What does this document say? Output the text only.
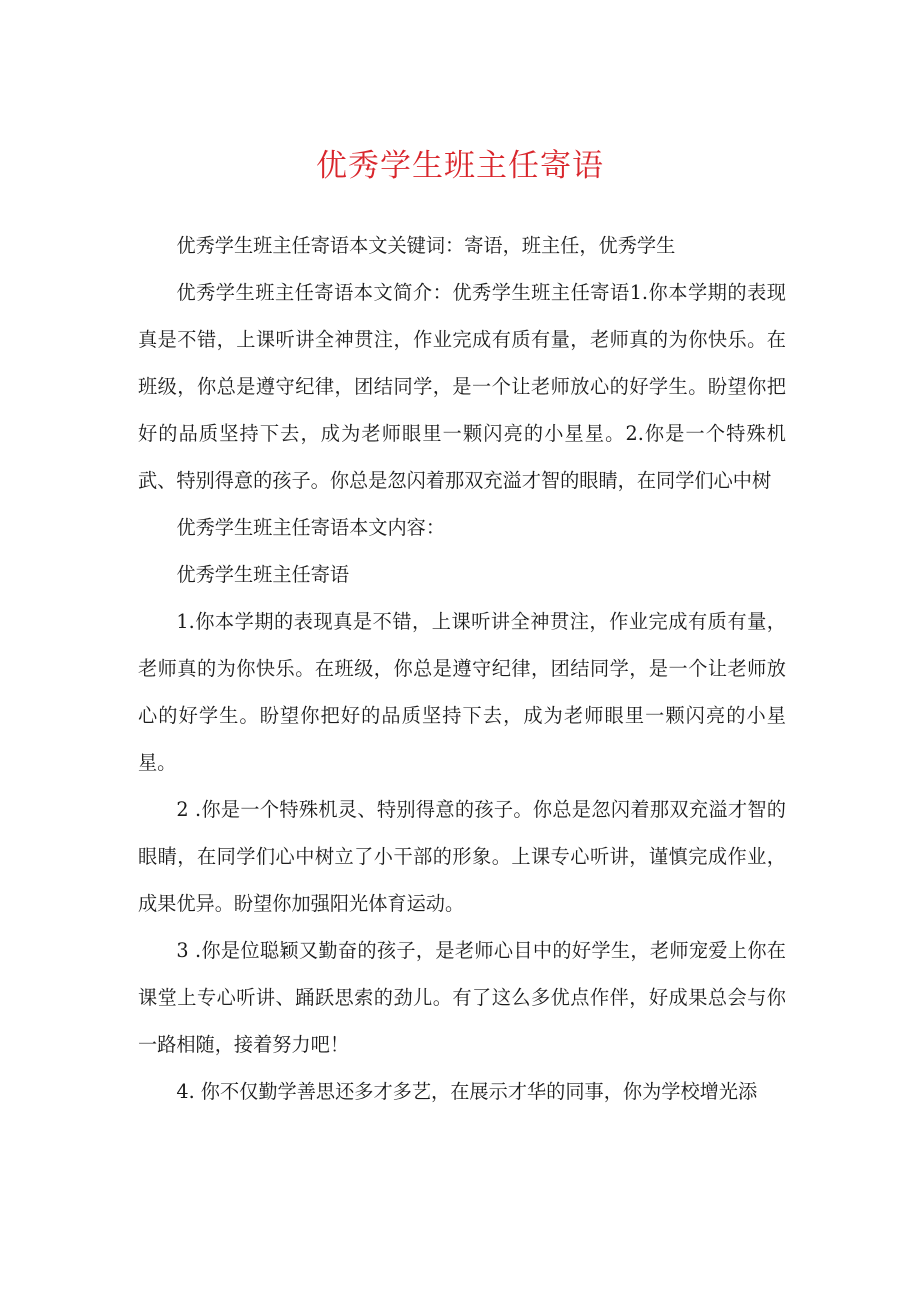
优秀学生班主任寄语

优秀学生班主任寄语本文关键词：寄语，班主任，优秀学生

优秀学生班主任寄语本文简介：优秀学生班主任寄语1.你本学期的表现真是不错，上课听讲全神贯注，作业完成有质有量，老师真的为你快乐。在班级，你总是遵守纪律，团结同学，是一个让老师放心的好学生。盼望你把好的品质坚持下去，成为老师眼里一颗闪亮的小星星。2.你是一个特殊机武、特别得意的孩子。你总是忽闪着那双充溢才智的眼睛，在同学们心中树

优秀学生班主任寄语本文内容：

优秀学生班主任寄语

1.你本学期的表现真是不错，上课听讲全神贯注，作业完成有质有量，老师真的为你快乐。在班级，你总是遵守纪律，团结同学，是一个让老师放心的好学生。盼望你把好的品质坚持下去，成为老师眼里一颗闪亮的小星星。

2 .你是一个特殊机灵、特别得意的孩子。你总是忽闪着那双充溢才智的眼睛，在同学们心中树立了小干部的形象。上课专心听讲，谨慎完成作业，成果优异。盼望你加强阳光体育运动。

3 .你是位聪颖又勤奋的孩子，是老师心目中的好学生，老师宠爱上你在课堂上专心听讲、踊跃思索的劲儿。有了这么多优点作伴，好成果总会与你一路相随，接着努力吧！

4. 你不仅勤学善思还多才多艺，在展示才华的同事，你为学校增光添
